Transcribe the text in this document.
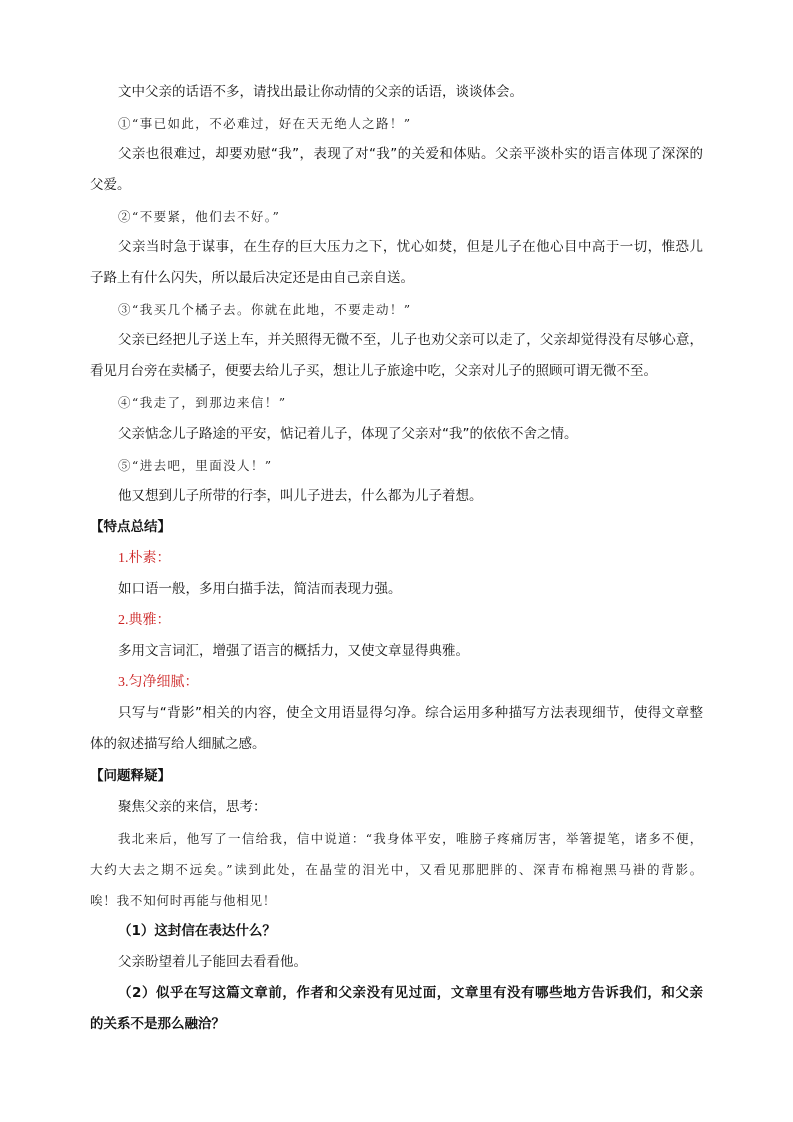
文中父亲的话语不多，请找出最让你动情的父亲的话语，谈谈体会。
①“事已如此，不必难过，好在天无绝人之路！”
父亲也很难过，却要劝慰“我”，表现了对“我”的关爱和体贴。父亲平淡朴实的语言体现了深深的
父爱。
②“不要紧，他们去不好。”
父亲当时急于谋事，在生存的巨大压力之下，忧心如焚，但是儿子在他心目中高于一切，惟恐儿
子路上有什么闪失，所以最后决定还是由自己亲自送。
③“我买几个橘子去。你就在此地，不要走动！”
父亲已经把儿子送上车，并关照得无微不至，儿子也劝父亲可以走了，父亲却觉得没有尽够心意，
看见月台旁在卖橘子，便要去给儿子买，想让儿子旅途中吃，父亲对儿子的照顾可谓无微不至。
④“我走了，到那边来信！”
父亲惦念儿子路途的平安，惦记着儿子，体现了父亲对“我”的依依不舍之情。
⑤“进去吧，里面没人！”
他又想到儿子所带的行李，叫儿子进去，什么都为儿子着想。
【特点总结】
1.朴素：
如口语一般，多用白描手法，简洁而表现力强。
2.典雅：
多用文言词汇，增强了语言的概括力，又使文章显得典雅。
3.匀净细腻：
只写与“背影”相关的内容，使全文用语显得匀净。综合运用多种描写方法表现细节，使得文章整
体的叙述描写给人细腻之感。
【问题释疑】
聚焦父亲的来信，思考：
我北来后，他写了一信给我，信中说道：“我身体平安，唯膀子疼痛厉害，举箸提笔，诸多不便，
大约大去之期不远矣。”读到此处，在晶莹的泪光中，又看见那肥胖的、深青布棉袍黑马褂的背影。
唉！我不知何时再能与他相见！
（1）这封信在表达什么？
父亲盼望着儿子能回去看看他。
（2）似乎在写这篇文章前，作者和父亲没有见过面，文章里有没有哪些地方告诉我们，和父亲
的关系不是那么融洽？
